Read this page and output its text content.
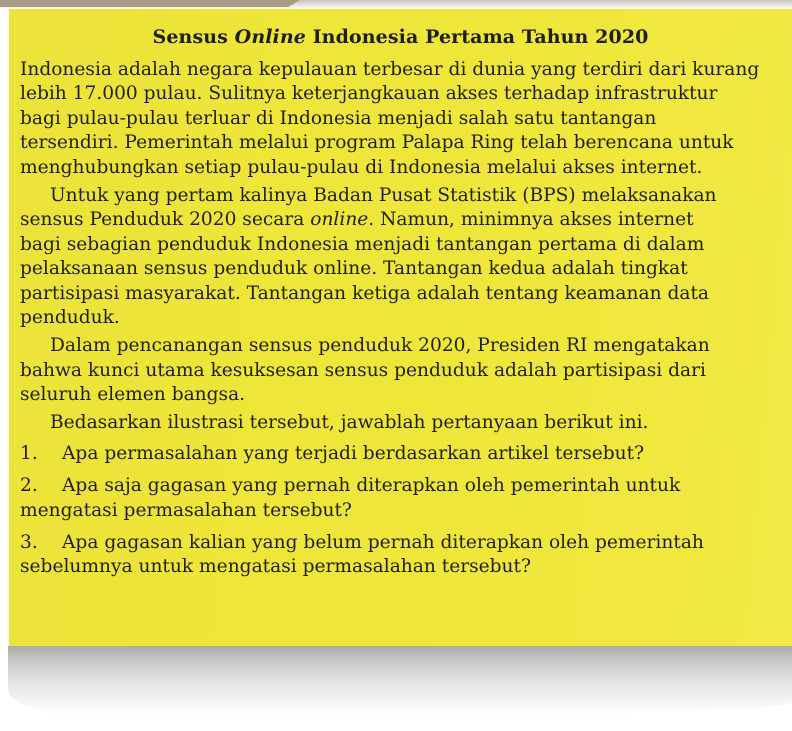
Sensus Online Indonesia Pertama Tahun 2020
Indonesia adalah negara kepulauan terbesar di dunia yang terdiri dari kurang
lebih 17.000 pulau. Sulitnya keterjangkauan akses terhadap infrastruktur
bagi pulau-pulau terluar di Indonesia menjadi salah satu tantangan
tersendiri. Pemerintah melalui program Palapa Ring telah berencana untuk
menghubungkan setiap pulau-pulau di Indonesia melalui akses internet.
Untuk yang pertam kalinya Badan Pusat Statistik (BPS) melaksanakan
sensus Penduduk 2020 secara online. Namun, minimnya akses internet
bagi sebagian penduduk Indonesia menjadi tantangan pertama di dalam
pelaksanaan sensus penduduk online. Tantangan kedua adalah tingkat
partisipasi masyarakat. Tantangan ketiga adalah tentang keamanan data
penduduk.
Dalam pencanangan sensus penduduk 2020, Presiden RI mengatakan
bahwa kunci utama kesuksesan sensus penduduk adalah partisipasi dari
seluruh elemen bangsa.
Bedasarkan ilustrasi tersebut, jawablah pertanyaan berikut ini.
1. Apa permasalahan yang terjadi berdasarkan artikel tersebut?
2. Apa saja gagasan yang pernah diterapkan oleh pemerintah untuk
mengatasi permasalahan tersebut?
3. Apa gagasan kalian yang belum pernah diterapkan oleh pemerintah
sebelumnya untuk mengatasi permasalahan tersebut?
